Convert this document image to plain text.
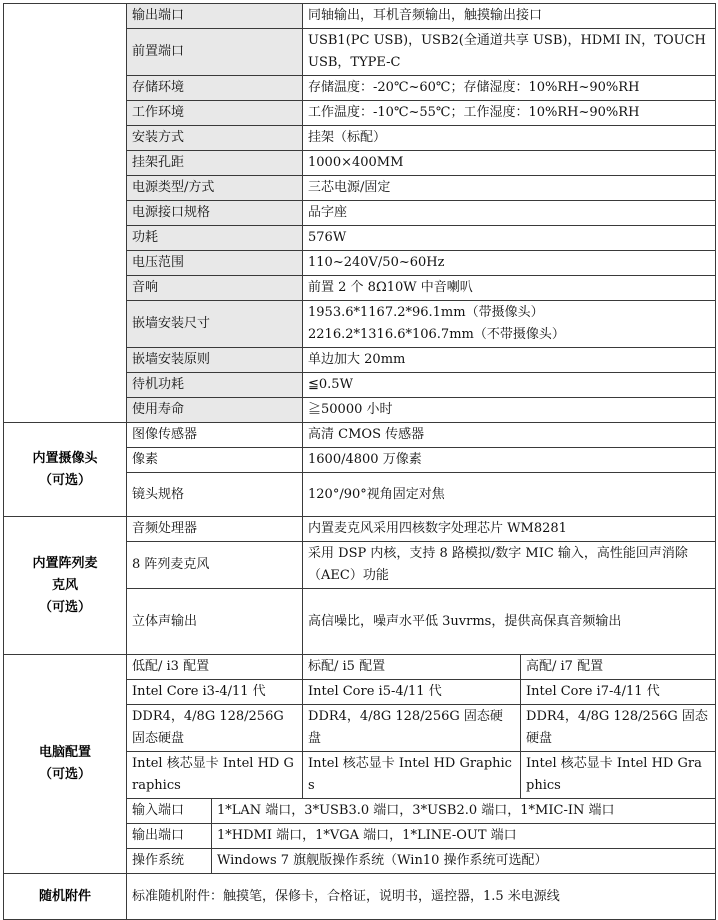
	输出端口		同轴输出，耳机音频输出，触摸输出接口	
	前置端口		USB1(PC USB)，USB2(全通道共享 USB)，HDMI IN，TOUCH USB，TYPE-C	
	存储环境		存储温度：-20℃~60℃；存储湿度：10%RH~90%RH	
	工作环境		工作温度：-10℃~55℃；工作湿度：10%RH~90%RH	
	安装方式		挂架（标配）	
	挂架孔距		1000×400MM	
	电源类型/方式		三芯电源/固定	
	电源接口规格		品字座	
	功耗		576W	
	电压范围		110~240V/50~60Hz	
	音响		前置 2 个 8Ω10W 中音喇叭	
	嵌墙安装尺寸		1953.6*1167.2*96.1mm（带摄像头）
2216.2*1316.6*106.7mm（不带摄像头）	

	嵌墙安装原则		单边加大 20mm	
	待机功耗		≦0.5W	
	使用寿命		≧50000 小时	

内置摄像头
（可选）	图像传感器		高清 CMOS 传感器	
	像素		1600/4800 万像素	
	镜头规格		120°/90°视角固定对焦	

内置阵列麦
克风
（可选）	音频处理器		内置麦克风采用四核数字处理芯片 WM8281	
	8 阵列麦克风		采用 DSP 内核，支持 8 路模拟/数字 MIC 输入，高性能回声消除（AEC）功能	
	立体声输出		高信噪比，噪声水平低 3uvrms，提供高保真音频输出	

电脑配置
（可选）	低配/ i3 配置		标配/ i5 配置	高配/ i7 配置
	Intel Core i3-4/11 代		Intel Core i5-4/11 代	Intel Core i7-4/11 代
	DDR4，4/8G 128/256G 固态硬盘		DDR4，4/8G 128/256G 固态硬盘	DDR4，4/8G 128/256G 固态硬盘
	Intel 核芯显卡 Intel HD Graphics		Intel 核芯显卡 Intel HD Graphics	Intel 核芯显卡 Intel HD Graphics
	输入端口	1*LAN 端口，3*USB3.0 端口，3*USB2.0 端口，1*MIC-IN 端口		
	输出端口	1*HDMI 端口，1*VGA 端口，1*LINE-OUT 端口		
	操作系统	Windows 7 旗舰版操作系统（Win10 操作系统可选配）		
随机附件	标准随机附件：触摸笔，保修卡，合格证，说明书，遥控器，1.5 米电源线			
